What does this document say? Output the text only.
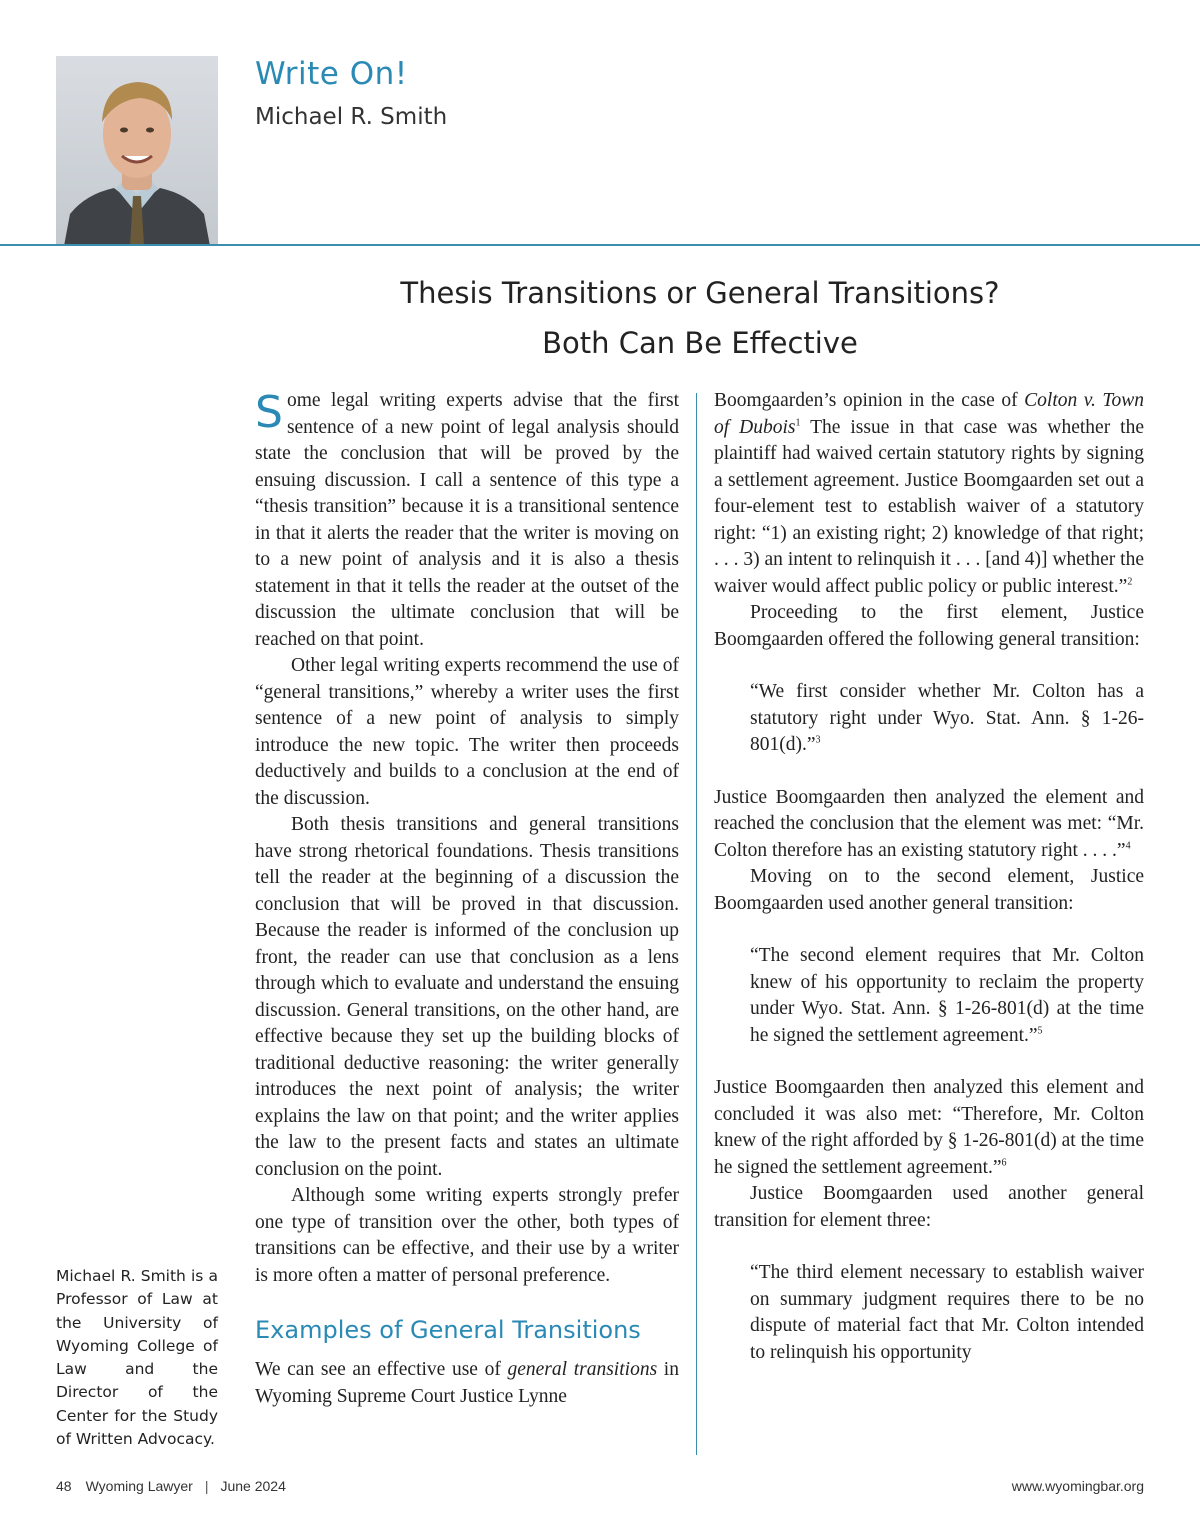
Write On!
Michael R. Smith
Thesis Transitions or General Transitions?
Both Can Be Effective

Some legal writing experts advise that the first sentence of a new point of legal analysis should state the conclusion that will be proved by the ensuing discussion. I call a sentence of this type a “thesis transition” because it is a transitional sentence in that it alerts the reader that the writer is moving on to a new point of analysis and it is also a thesis statement in that it tells the reader at the outset of the discussion the ultimate conclusion that will be reached on that point.

Other legal writing experts recommend the use of “general transitions,” whereby a writer uses the first sentence of a new point of analysis to simply introduce the new topic. The writer then proceeds deductively and builds to a conclusion at the end of the discussion.

Both thesis transitions and general transitions have strong rhetorical foundations. Thesis transitions tell the reader at the beginning of a discussion the conclusion that will be proved in that discussion. Because the reader is informed of the conclusion up front, the reader can use that conclusion as a lens through which to evaluate and understand the ensuing discussion. General transitions, on the other hand, are effective because they set up the building blocks of traditional deductive reasoning: the writer generally introduces the next point of analysis; the writer explains the law on that point; and the writer applies the law to the present facts and states an ultimate conclusion on the point.

Although some writing experts strongly prefer one type of transition over the other, both types of transitions can be effective, and their use by a writer is more often a matter of personal preference.

Examples of General Transitions

We can see an effective use of general transitions in Wyoming Supreme Court Justice Lynne

Boomgaarden’s opinion in the case of Colton v. Town of Dubois$^1$ The issue in that case was whether the plaintiff had waived certain statutory rights by signing a settlement agreement. Justice Boomgaarden set out a four-element test to establish waiver of a statutory right: “1) an existing right; 2) knowledge of that right; . . . 3) an intent to relinquish it . . . [and 4)] whether the waiver would affect public policy or public interest.”$^2$

Proceeding to the first element, Justice Boomgaarden offered the following general transition:

“We first consider whether Mr. Colton has a statutory right under Wyo. Stat. Ann. § 1-26-801(d).”$^3$

Justice Boomgaarden then analyzed the element and reached the conclusion that the element was met: “Mr. Colton therefore has an existing statutory right . . . .”$^4$

Moving on to the second element, Justice Boomgaarden used another general transition:

“The second element requires that Mr. Colton knew of his opportunity to reclaim the property under Wyo. Stat. Ann. § 1-26-801(d) at the time he signed the settlement agreement.”$^5$

Justice Boomgaarden then analyzed this element and concluded it was also met: “Therefore, Mr. Colton knew of the right afforded by § 1-26-801(d) at the time he signed the settlement agreement.”$^6$

Justice Boomgaarden used another general transition for element three:

“The third element necessary to establish waiver on summary judgment requires there to be no dispute of material fact that Mr. Colton intended to relinquish his opportunity

Michael R. Smith is a Professor of Law at the University of Wyoming College of Law and the Director of the Center for the Study of Written Advocacy.
48 Wyoming Lawyer | June 2024	www.wyomingbar.org
